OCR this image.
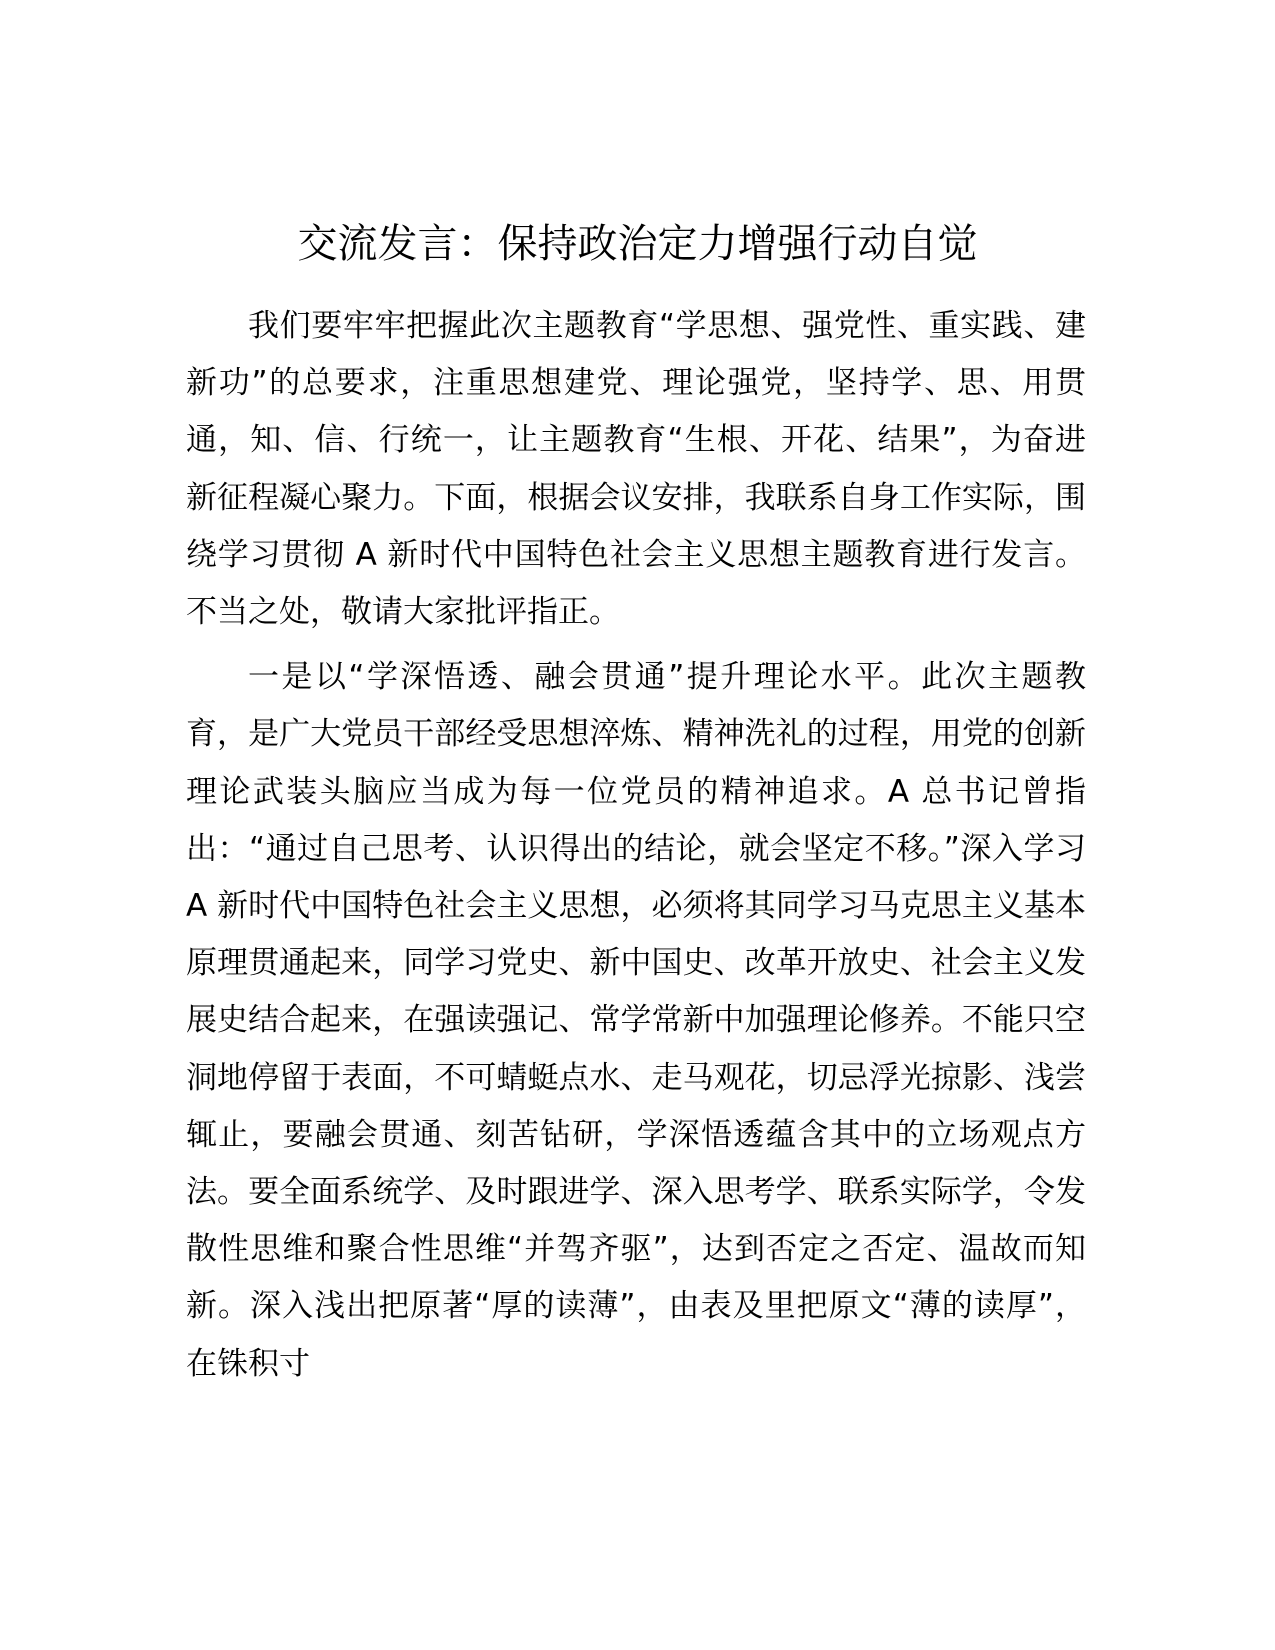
交流发言：保持政治定力增强行动自觉

我们要牢牢把握此次主题教育“学思想、强党性、重实践、建新功”的总要求，注重思想建党、理论强党，坚持学、思、用贯通，知、信、行统一，让主题教育“生根、开花、结果”，为奋进新征程凝心聚力。下面，根据会议安排，我联系自身工作实际，围绕学习贯彻 A 新时代中国特色社会主义思想主题教育进行发言。不当之处，敬请大家批评指正。

一是以“学深悟透、融会贯通”提升理论水平。此次主题教育，是广大党员干部经受思想淬炼、精神洗礼的过程，用党的创新理论武装头脑应当成为每一位党员的精神追求。A 总书记曾指出：“通过自己思考、认识得出的结论，就会坚定不移。”深入学习 A 新时代中国特色社会主义思想，必须将其同学习马克思主义基本原理贯通起来，同学习党史、新中国史、改革开放史、社会主义发展史结合起来，在强读强记、常学常新中加强理论修养。不能只空洞地停留于表面，不可蜻蜓点水、走马观花，切忌浮光掠影、浅尝辄止，要融会贯通、刻苦钻研，学深悟透蕴含其中的立场观点方法。要全面系统学、及时跟进学、深入思考学、联系实际学，令发散性思维和聚合性思维“并驾齐驱”，达到否定之否定、温故而知新。深入浅出把原著“厚的读薄”，由表及里把原文“薄的读厚”，在铢积寸
